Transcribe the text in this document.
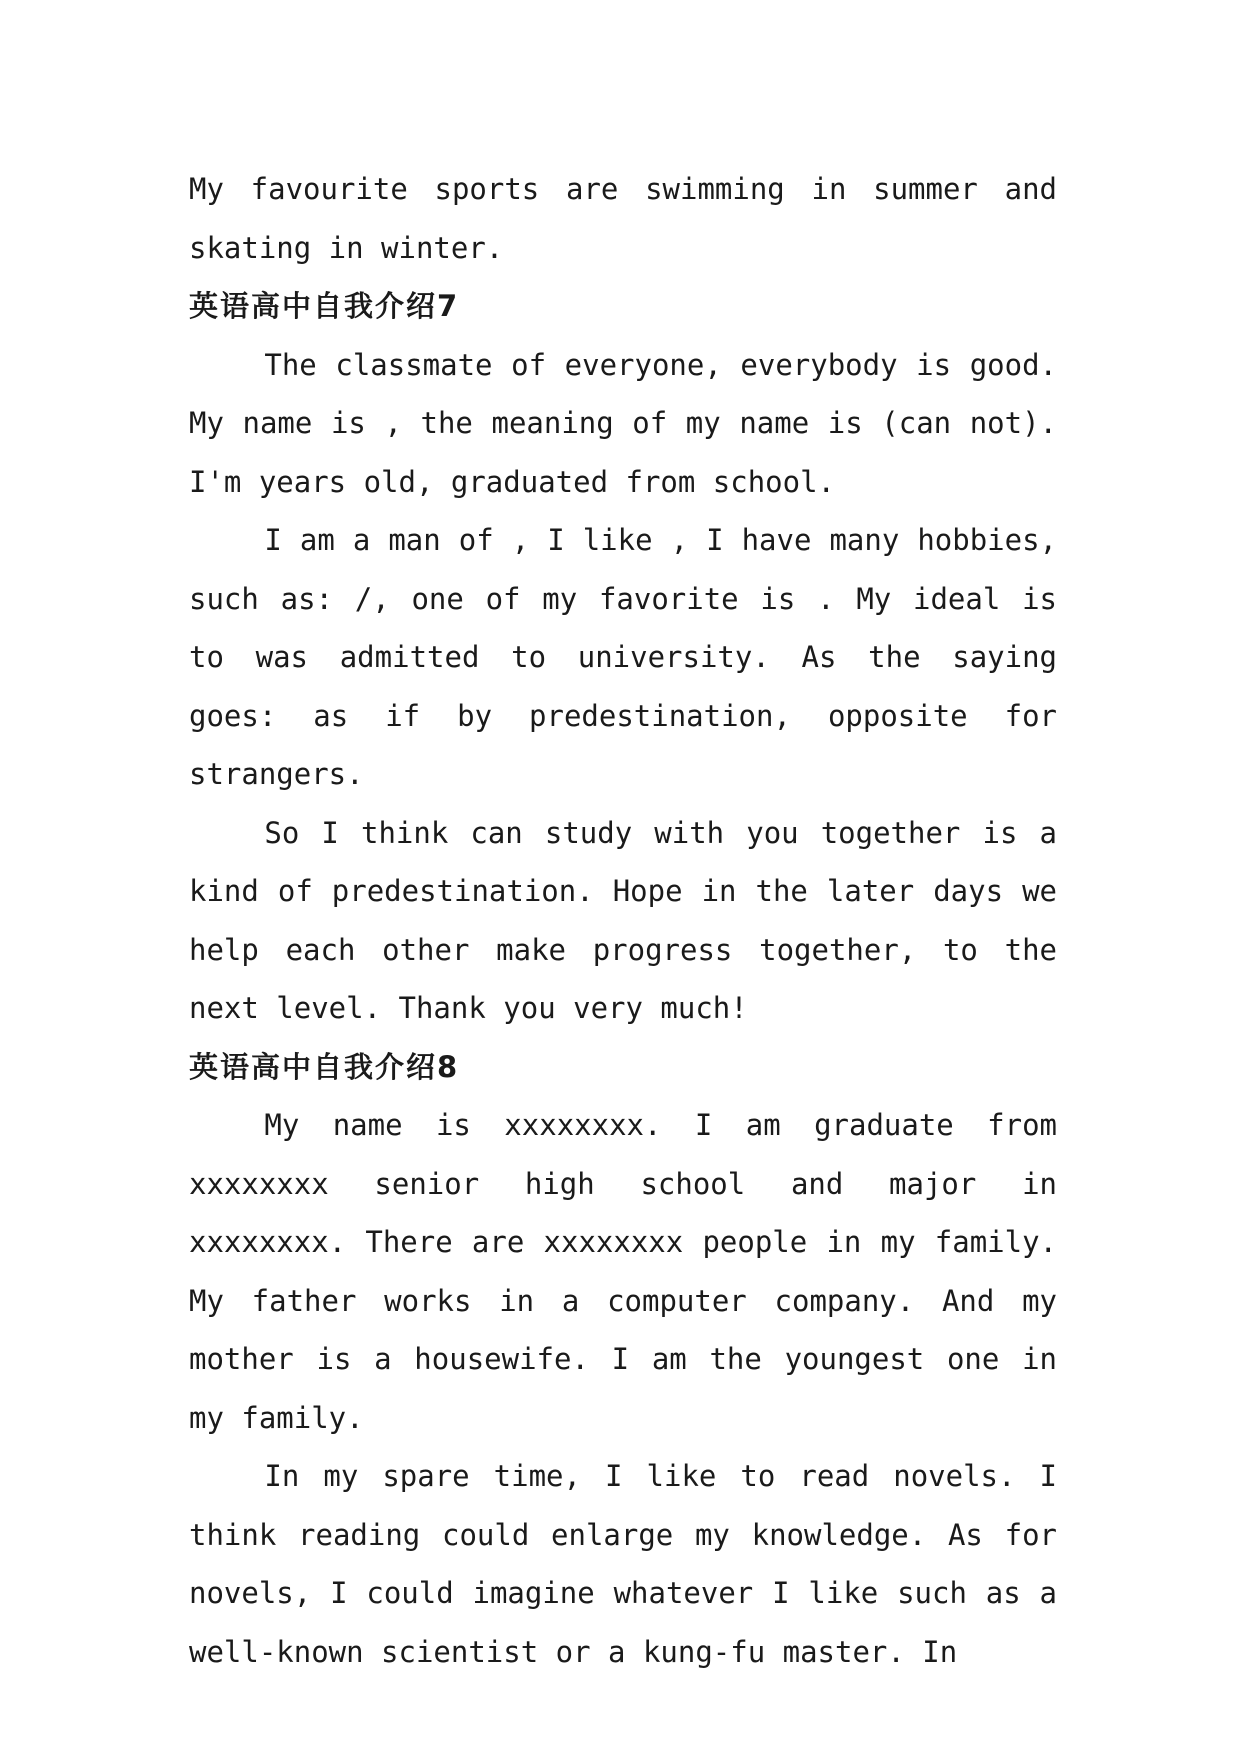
My favourite sports are swimming in summer and skating in winter.

英语高中自我介绍7

The classmate of everyone, everybody is good. My name is , the meaning of my name is (can not). I'm years old, graduated from school.

I am a man of , I like , I have many hobbies, such as: /, one of my favorite is . My ideal is to was admitted to university. As the saying goes: as if by predestination, opposite for strangers.

So I think can study with you together is a kind of predestination. Hope in the later days we help each other make progress together, to the next level. Thank you very much!

英语高中自我介绍8

My name is xxxxxxxx. I am graduate from xxxxxxxx senior high school and major in xxxxxxxx. There are xxxxxxxx people in my family. My father works in a computer company. And my mother is a housewife. I am the youngest one in my family.

In my spare time, I like to read novels. I think reading could enlarge my knowledge. As for novels, I could imagine whatever I like such as a well-known scientist or a kung-fu master. In
